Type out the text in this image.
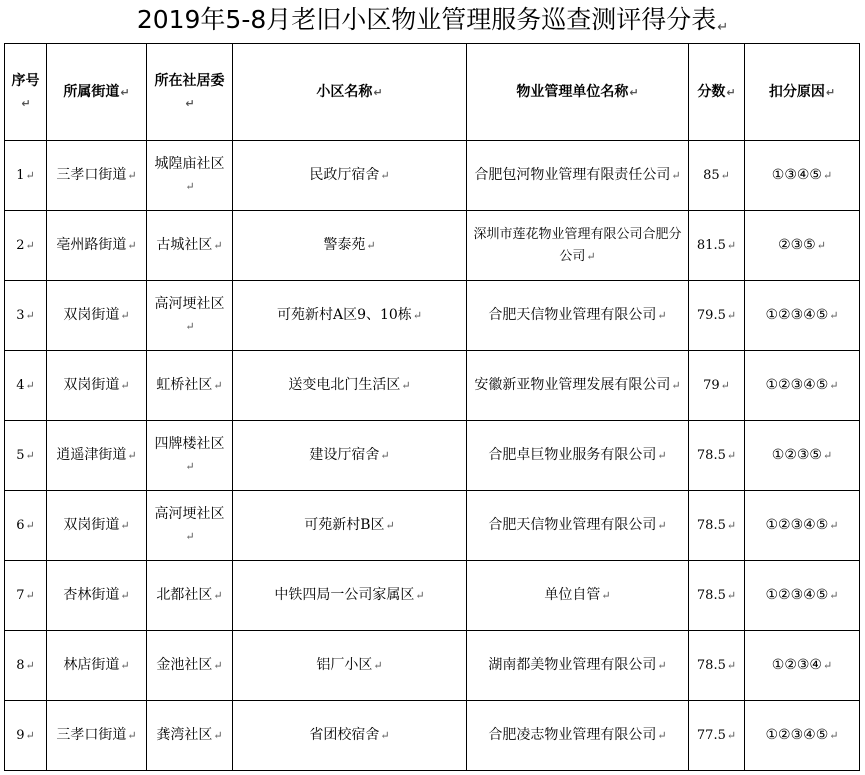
2019年5-8月老旧小区物业管理服务巡查测评得分表↵
序号↵	所属街道↵	所在社居委↵	小区名称↵	物业管理单位名称↵	分数↵	扣分原因↵
1↵	三孝口街道↵	城隍庙社区↵	民政厅宿舍↵	合肥包河物业管理有限责任公司↵	85↵	①③④⑤↵
2↵	亳州路街道↵	古城社区↵	警泰苑↵	深圳市莲花物业管理有限公司合肥分公司↵	81.5↵	②③⑤↵
3↵	双岗街道↵	高河埂社区↵	可苑新村A区9、10栋↵	合肥天信物业管理有限公司↵	79.5↵	①②③④⑤↵
4↵	双岗街道↵	虹桥社区↵	送变电北门生活区↵	安徽新亚物业管理发展有限公司↵	79↵	①②③④⑤↵
5↵	逍遥津街道↵	四牌楼社区↵	建设厅宿舍↵	合肥卓巨物业服务有限公司↵	78.5↵	①②③⑤↵
6↵	双岗街道↵	高河埂社区↵	可苑新村B区↵	合肥天信物业管理有限公司↵	78.5↵	①②③④⑤↵
7↵	杏林街道↵	北都社区↵	中铁四局一公司家属区↵	单位自管↵	78.5↵	①②③④⑤↵
8↵	林店街道↵	金池社区↵	铝厂小区↵	湖南都美物业管理有限公司↵	78.5↵	①②③④↵
9↵	三孝口街道↵	龚湾社区↵	省团校宿舍↵	合肥凌志物业管理有限公司↵	77.5↵	①②③④⑤↵
